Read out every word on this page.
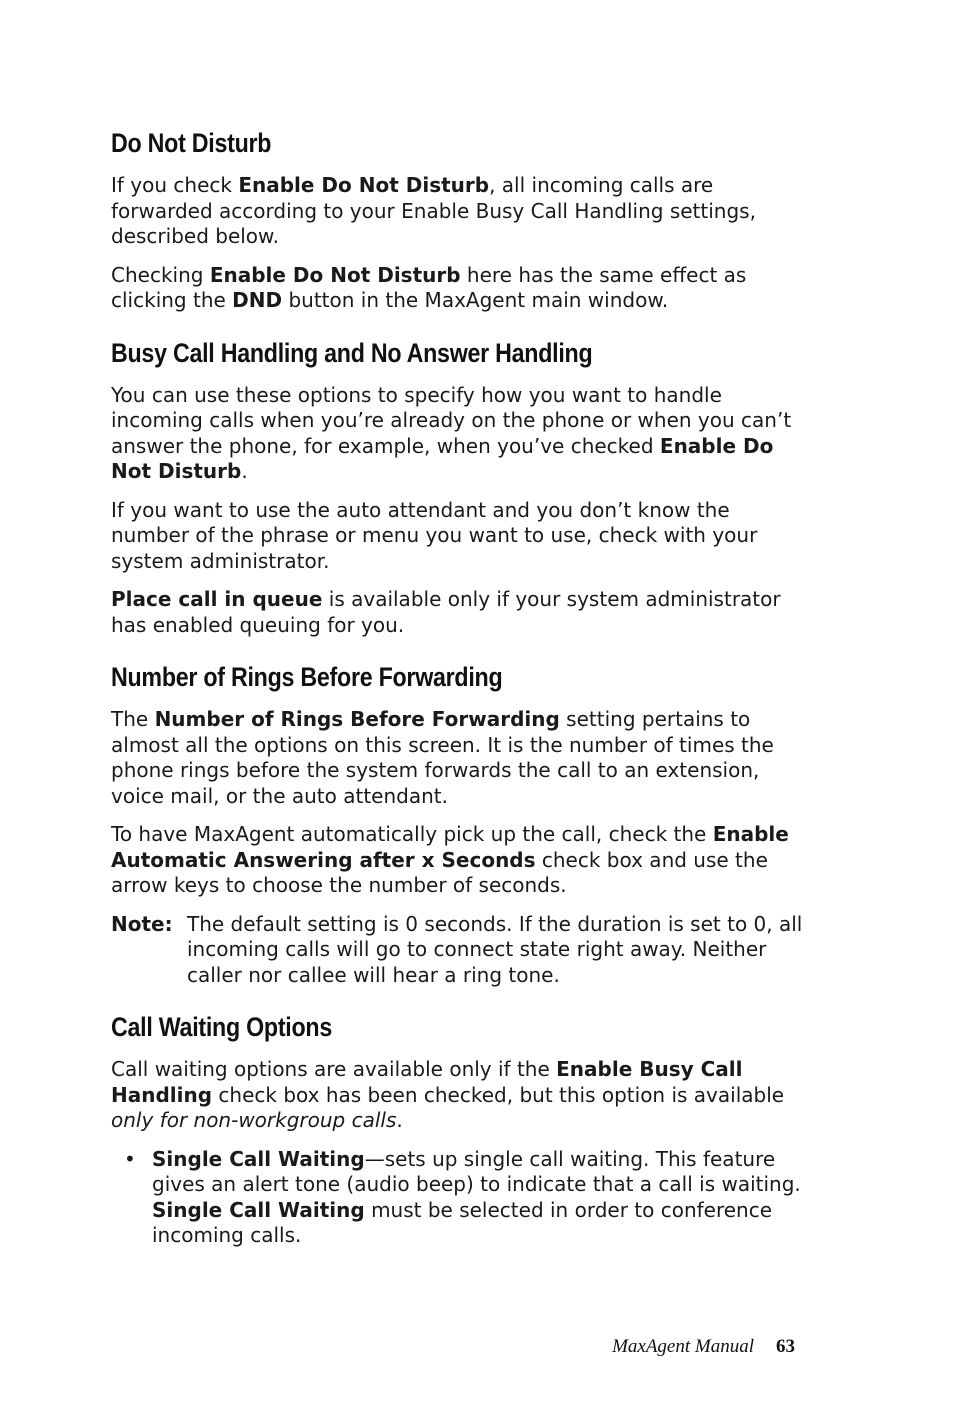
Do Not Disturb

If you check Enable Do Not Disturb, all incoming calls are forwarded according to your Enable Busy Call Handling settings, described below.

Checking Enable Do Not Disturb here has the same effect as clicking the DND button in the MaxAgent main window.

Busy Call Handling and No Answer Handling

You can use these options to specify how you want to handle incoming calls when you’re already on the phone or when you can’t answer the phone, for example, when you’ve checked Enable Do Not Disturb.

If you want to use the auto attendant and you don’t know the number of the phrase or menu you want to use, check with your system administrator.

Place call in queue is available only if your system administrator has enabled queuing for you.

Number of Rings Before Forwarding

The Number of Rings Before Forwarding setting pertains to almost all the options on this screen. It is the number of times the phone rings before the system forwards the call to an extension, voice mail, or the auto attendant.

To have MaxAgent automatically pick up the call, check the Enable Automatic Answering after x Seconds check box and use the arrow keys to choose the number of seconds.

Note: The default setting is 0 seconds. If the duration is set to 0, all incoming calls will go to connect state right away. Neither caller nor callee will hear a ring tone.
Call Waiting Options

Call waiting options are available only if the Enable Busy Call Handling check box has been checked, but this option is available only for non-workgroup calls.

• Single Call Waiting—sets up single call waiting. This feature gives an alert tone (audio beep) to indicate that a call is waiting. Single Call Waiting must be selected in order to conference incoming calls.
MaxAgent Manual 63
